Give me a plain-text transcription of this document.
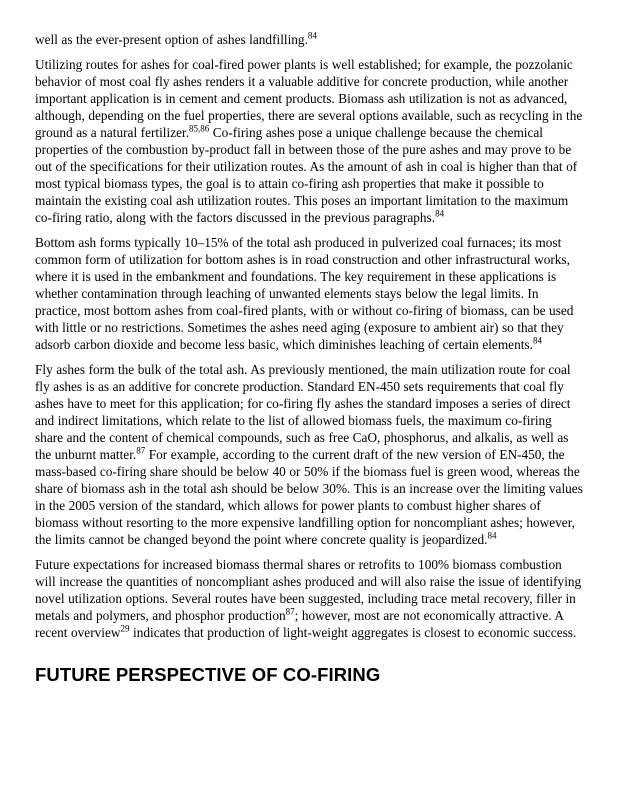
well as the ever-present option of ashes landfilling.$^{84}$

Utilizing routes for ashes for coal-fired power plants is well established; for example, the pozzolanic behavior of most coal fly ashes renders it a valuable additive for concrete production, while another important application is in cement and cement products. Biomass ash utilization is not as advanced, although, depending on the fuel properties, there are several options available, such as recycling in the ground as a natural fertilizer.$^{85,86}$ Co-firing ashes pose a unique challenge because the chemical properties of the combustion by-product fall in between those of the pure ashes and may prove to be out of the specifications for their utilization routes. As the amount of ash in coal is higher than that of most typical biomass types, the goal is to attain co-firing ash properties that make it possible to maintain the existing coal ash utilization routes. This poses an important limitation to the maximum co-firing ratio, along with the factors discussed in the previous paragraphs.$^{84}$

Bottom ash forms typically 10–15% of the total ash produced in pulverized coal furnaces; its most common form of utilization for bottom ashes is in road construction and other infrastructural works, where it is used in the embankment and foundations. The key requirement in these applications is whether contamination through leaching of unwanted elements stays below the legal limits. In practice, most bottom ashes from coal-fired plants, with or without co-firing of biomass, can be used with little or no restrictions. Sometimes the ashes need aging (exposure to ambient air) so that they adsorb carbon dioxide and become less basic, which diminishes leaching of certain elements.$^{84}$

Fly ashes form the bulk of the total ash. As previously mentioned, the main utilization route for coal fly ashes is as an additive for concrete production. Standard EN-450 sets requirements that coal fly ashes have to meet for this application; for co-firing fly ashes the standard imposes a series of direct and indirect limitations, which relate to the list of allowed biomass fuels, the maximum co-firing share and the content of chemical compounds, such as free CaO, phosphorus, and alkalis, as well as the unburnt matter.$^{87}$ For example, according to the current draft of the new version of EN-450, the mass-based co-firing share should be below 40 or 50% if the biomass fuel is green wood, whereas the share of biomass ash in the total ash should be below 30%. This is an increase over the limiting values in the 2005 version of the standard, which allows for power plants to combust higher shares of biomass without resorting to the more expensive landfilling option for noncompliant ashes; however, the limits cannot be changed beyond the point where concrete quality is jeopardized.$^{84}$

Future expectations for increased biomass thermal shares or retrofits to 100% biomass combustion will increase the quantities of noncompliant ashes produced and will also raise the issue of identifying novel utilization options. Several routes have been suggested, including trace metal recovery, filler in metals and polymers, and phosphor production$^{87}$; however, most are not economically attractive. A recent overview$^{29}$ indicates that production of light-weight aggregates is closest to economic success.

FUTURE PERSPECTIVE OF CO-FIRING
